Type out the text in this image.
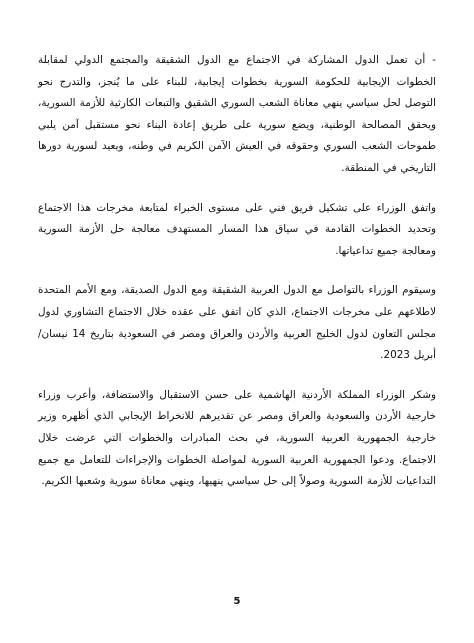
- أن تعمل الدول المشاركة في الاجتماع مع الدول الشقيقة والمجتمع الدولي لمقابلة الخطوات الإيجابية للحكومة السورية بخطوات إيجابية، للبناء على ما يُنجز، والتدرج نحو التوصل لحل سياسي ينهي معاناة الشعب السوري الشقيق والتبعات الكارثية للأزمة السورية، ويحقق المصالحة الوطنية، ويضع سورية على طريق إعادة البناء نحو مستقبل آمن يلبي طموحات الشعب السوري وحقوقه في العيش الآمن الكريم في وطنه، ويعيد لسورية دورها التاريخي في المنطقة.

واتفق الوزراء على تشكيل فريق فني على مستوى الخبراء لمتابعة مخرجات هذا الاجتماع وتحديد الخطوات القادمة في سياق هذا المسار المستهدف معالجة حل الأزمة السورية ومعالجة جميع تداعياتها.

وسيقوم الوزراء بالتواصل مع الدول العربية الشقيقة ومع الدول الصديقة، ومع الأمم المتحدة لاطلاعهم على مخرجات الاجتماع، الذي كان اتفق على عقده خلال الاجتماع التشاوري لدول مجلس التعاون لدول الخليج العربية والأردن والعراق ومصر في السعودية بتاريخ 14 نيسان/ أبريل 2023.

وشكر الوزراء المملكة الأردنية الهاشمية على حسن الاستقبال والاستضافة، وأعرب وزراء خارجية الأردن والسعودية والعراق ومصر عن تقديرهم للانخراط الإيجابي الذي أظهره وزير خارجية الجمهورية العربية السورية، في بحث المبادرات والخطوات التي عرضت خلال الاجتماع. ودعوا الجمهورية العربية السورية لمواصلة الخطوات والإجراءات للتعامل مع جميع التداعيات للأزمة السورية وصولاً إلى حل سياسي ينهيها، وينهي معاناة سورية وشعبها الكريم.

5
